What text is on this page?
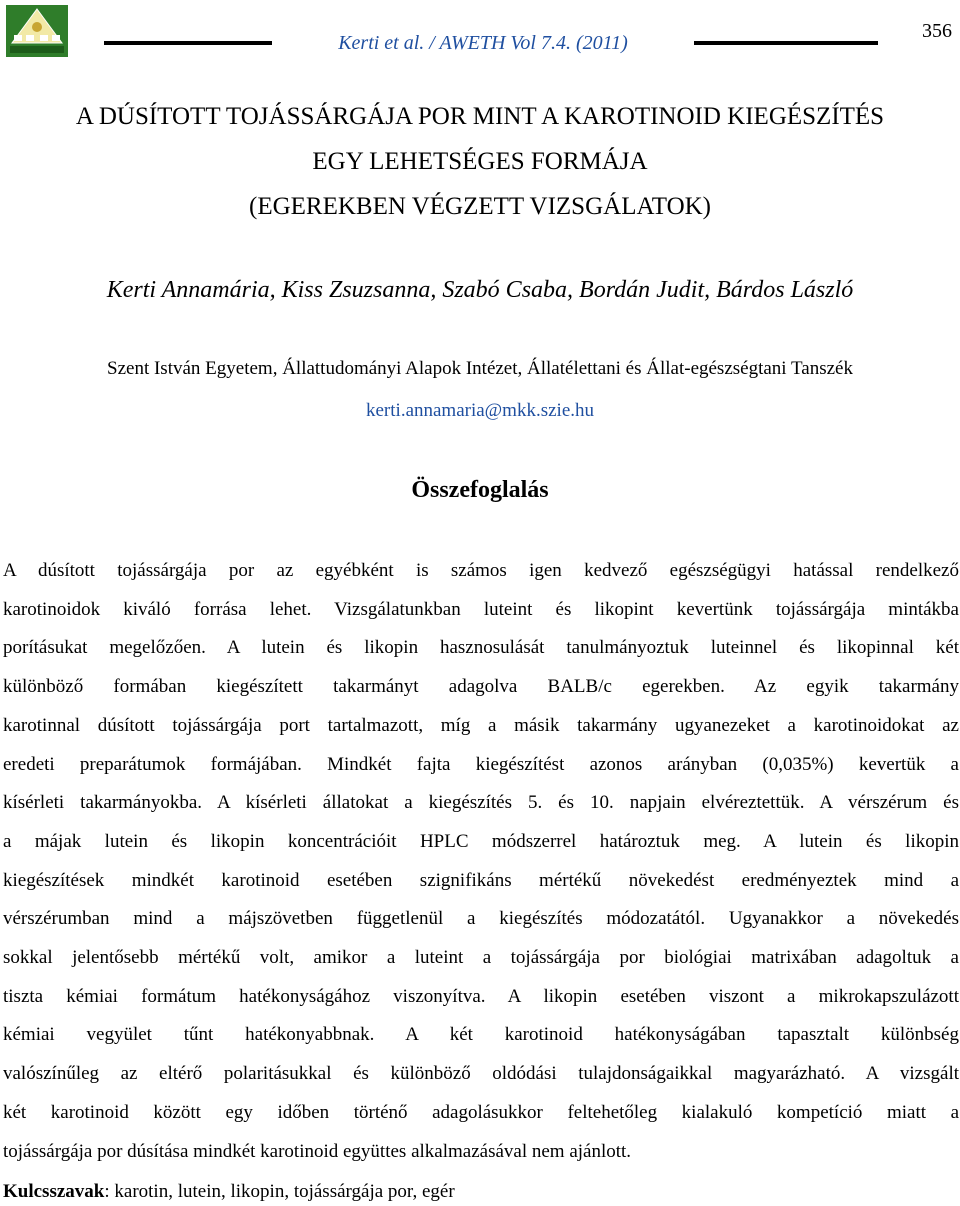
Kerti et al. / AWETH Vol 7.4. (2011)
356
A DÚSÍTOTT TOJÁSSÁRGÁJA POR MINT A KAROTINOID KIEGÉSZÍTÉS
EGY LEHETSÉGES FORMÁJA
(EGEREKBEN VÉGZETT VIZSGÁLATOK)
Kerti Annamária, Kiss Zsuzsanna, Szabó Csaba, Bordán Judit, Bárdos László
Szent István Egyetem, Állattudományi Alapok Intézet, Állatélettani és Állat-egészségtani Tanszék
kerti.annamaria@mkk.szie.hu
Összefoglalás
A dúsított tojássárgája por az egyébként is számos igen kedvező egészségügyi hatással rendelkező
karotinoidok kiváló forrása lehet. Vizsgálatunkban luteint és likopint kevertünk tojássárgája mintákba
porításukat megelőzően. A lutein és likopin hasznosulását tanulmányoztuk luteinnel és likopinnal két
különböző formában kiegészített takarmányt adagolva BALB/c egerekben. Az egyik takarmány
karotinnal dúsított tojássárgája port tartalmazott, míg a másik takarmány ugyanezeket a karotinoidokat az
eredeti preparátumok formájában. Mindkét fajta kiegészítést azonos arányban (0,035%) kevertük a
kísérleti takarmányokba. A kísérleti állatokat a kiegészítés 5. és 10. napjain elvéreztettük. A vérszérum és
a májak lutein és likopin koncentrációit HPLC módszerrel határoztuk meg. A lutein és likopin
kiegészítések mindkét karotinoid esetében szignifikáns mértékű növekedést eredményeztek mind a
vérszérumban mind a májszövetben függetlenül a kiegészítés módozatától. Ugyanakkor a növekedés
sokkal jelentősebb mértékű volt, amikor a luteint a tojássárgája por biológiai matrixában adagoltuk a
tiszta kémiai formátum hatékonyságához viszonyítva. A likopin esetében viszont a mikrokapszulázott
kémiai vegyület tűnt hatékonyabbnak. A két karotinoid hatékonyságában tapasztalt különbség
valószínűleg az eltérő polaritásukkal és különböző oldódási tulajdonságaikkal magyarázható. A vizsgált
két karotinoid között egy időben történő adagolásukkor feltehetőleg kialakuló kompetíció miatt a
tojássárgája por dúsítása mindkét karotinoid együttes alkalmazásával nem ajánlott.
Kulcsszavak: karotin, lutein, likopin, tojássárgája por, egér
